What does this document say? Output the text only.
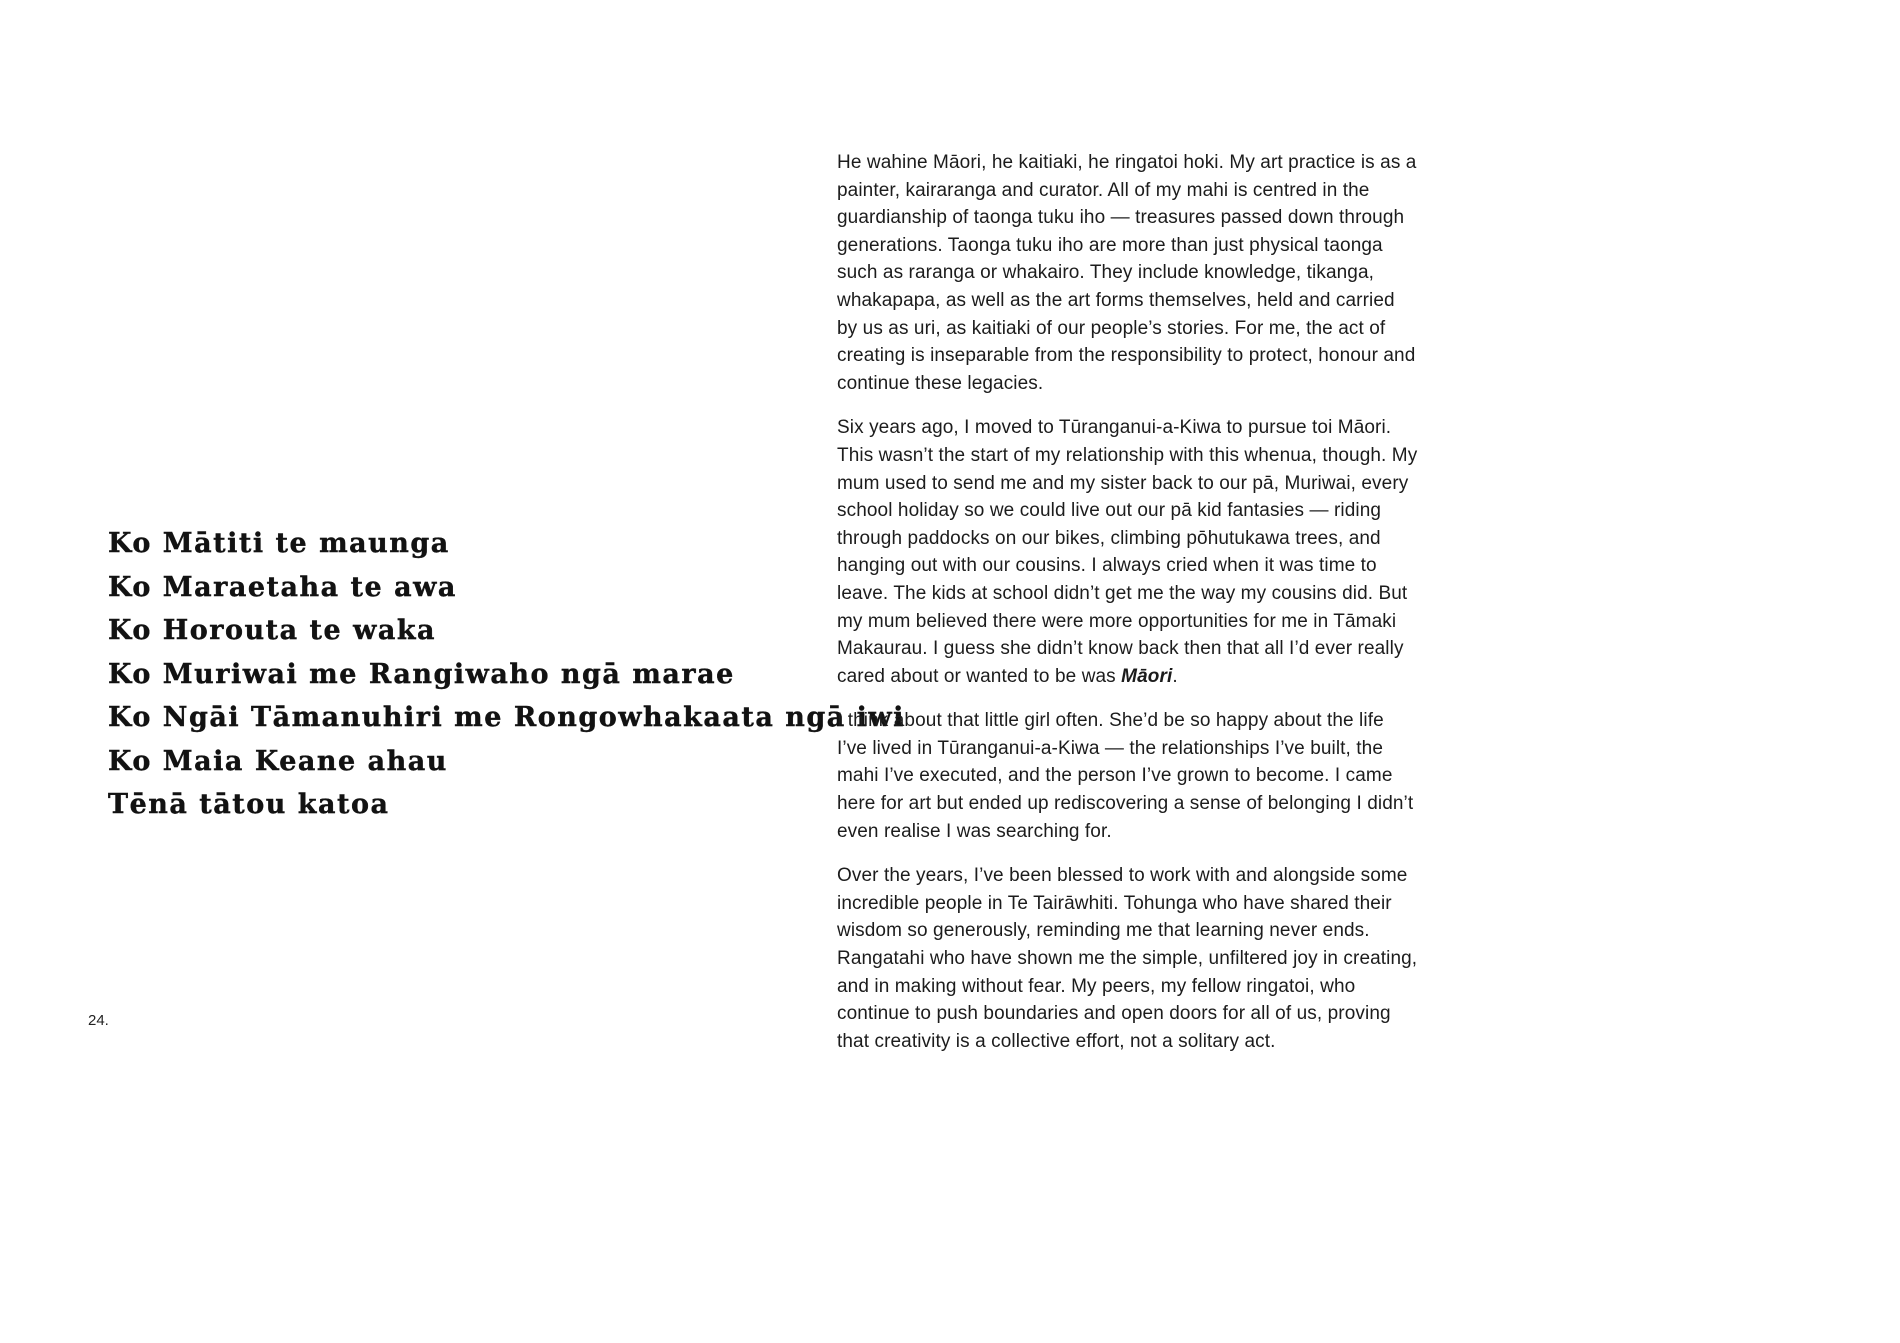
Ko Mātiti te maunga
Ko Maraetaha te awa
Ko Horouta te waka
Ko Muriwai me Rangiwaho ngā marae
Ko Ngāi Tāmanuhiri me Rongowhakaata ngā iwi
Ko Maia Keane ahau
Tēnā tātou katoa
24.

He wahine Māori, he kaitiaki, he ringatoi hoki. My art practice is as a painter, kairaranga and curator. All of my mahi is centred in the guardianship of taonga tuku iho — treasures passed down through generations. Taonga tuku iho are more than just physical taonga such as raranga or whakairo. They include knowledge, tikanga, whakapapa, as well as the art forms themselves, held and carried by us as uri, as kaitiaki of our people’s stories. For me, the act of creating is inseparable from the responsibility to protect, honour and continue these legacies.

Six years ago, I moved to Tūranganui-a-Kiwa to pursue toi Māori. This wasn’t the start of my relationship with this whenua, though. My mum used to send me and my sister back to our pā, Muriwai, every school holiday so we could live out our pā kid fantasies — riding through paddocks on our bikes, climbing pōhutukawa trees, and hanging out with our cousins. I always cried when it was time to leave. The kids at school didn’t get me the way my cousins did. But my mum believed there were more opportunities for me in Tāmaki Makaurau. I guess she didn’t know back then that all I’d ever really cared about or wanted to be was Māori.

I think about that little girl often. She’d be so happy about the life I’ve lived in Tūranganui-a-Kiwa — the relationships I’ve built, the mahi I’ve executed, and the person I’ve grown to become. I came here for art but ended up rediscovering a sense of belonging I didn’t even realise I was searching for.

Over the years, I’ve been blessed to work with and alongside some incredible people in Te Tairāwhiti. Tohunga who have shared their wisdom so generously, reminding me that learning never ends. Rangatahi who have shown me the simple, unfiltered joy in creating, and in making without fear. My peers, my fellow ringatoi, who continue to push boundaries and open doors for all of us, proving that creativity is a collective effort, not a solitary act.
